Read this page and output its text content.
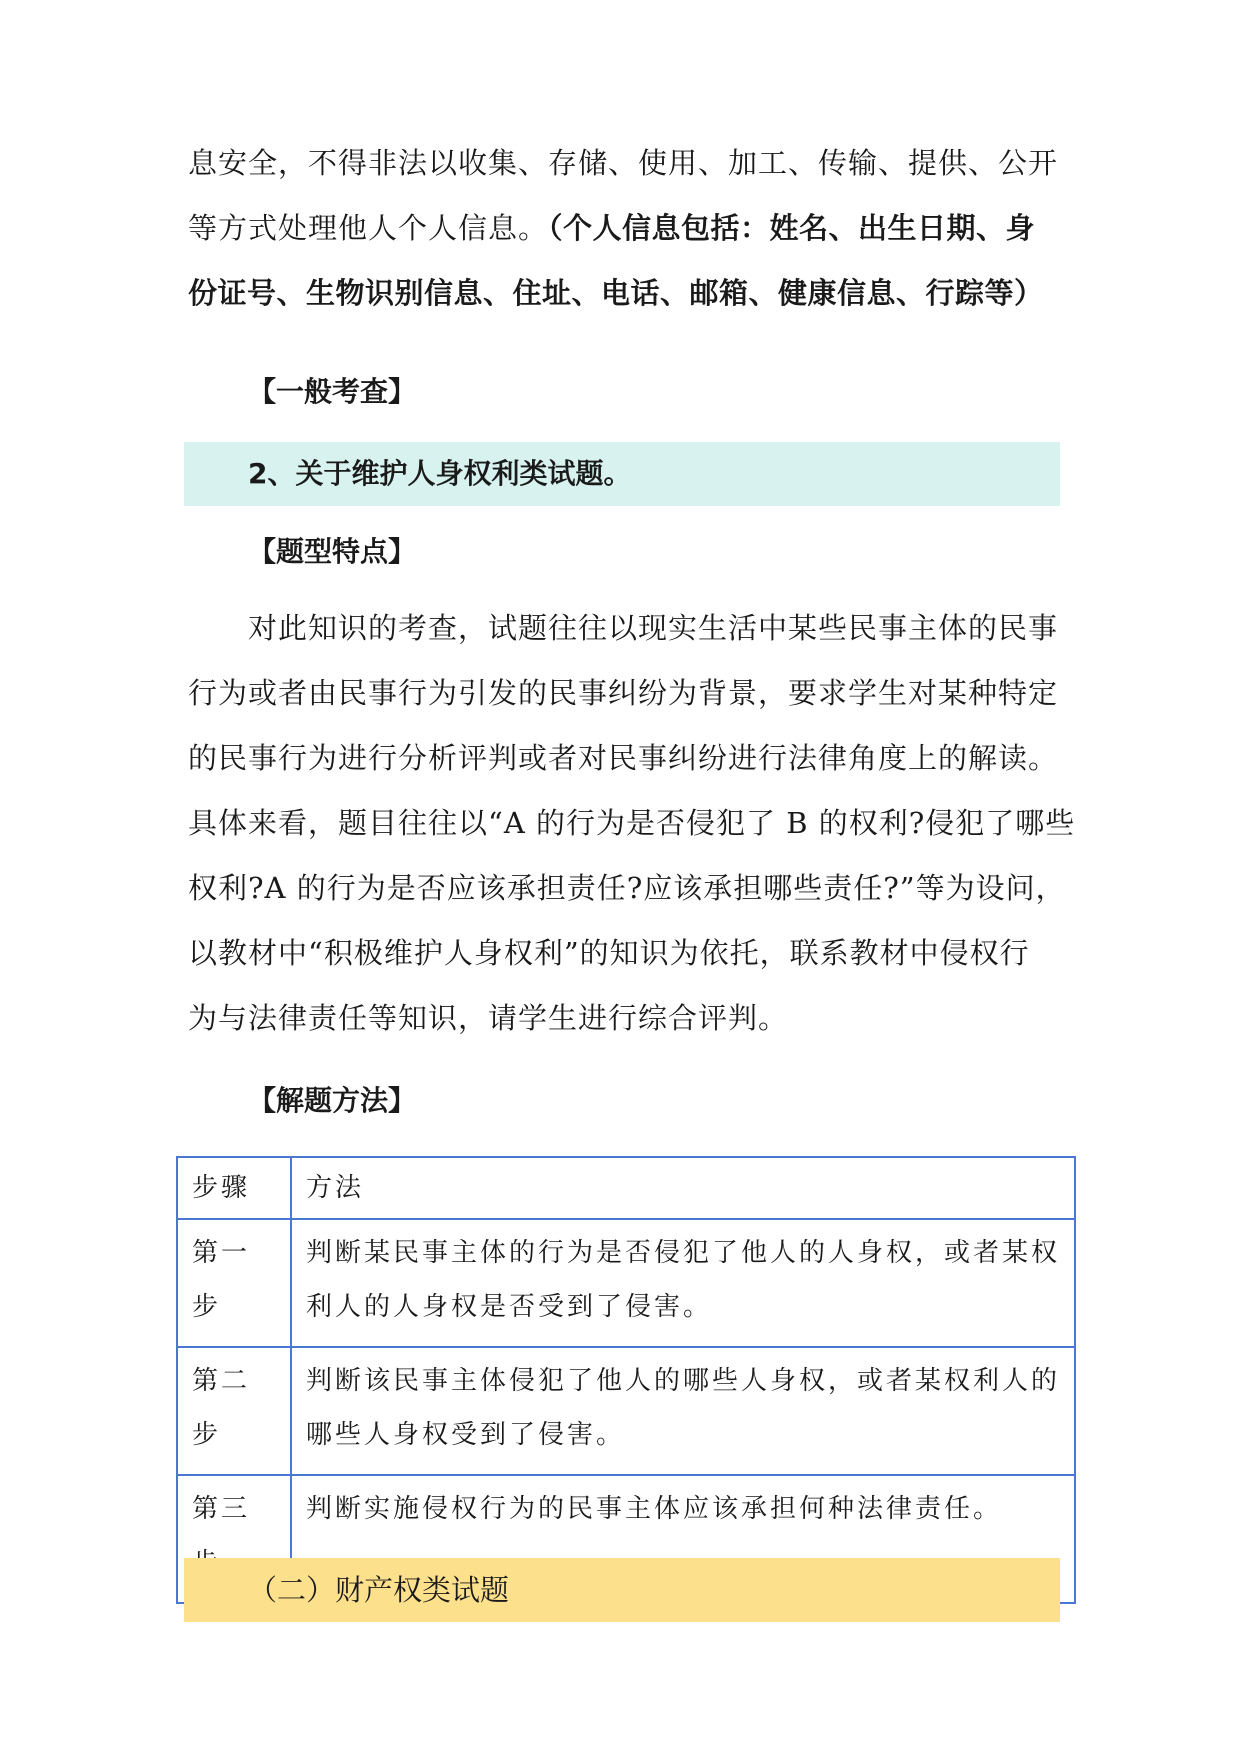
息安全，不得非法以收集、存储、使用、加工、传输、提供、公开
等方式处理他人个人信息。（个人信息包括：姓名、出生日期、身
份证号、生物识别信息、住址、电话、邮箱、健康信息、行踪等）
【一般考查】
2、关于维护人身权利类试题。
【题型特点】
　　对此知识的考查，试题往往以现实生活中某些民事主体的民事
行为或者由民事行为引发的民事纠纷为背景，要求学生对某种特定
的民事行为进行分析评判或者对民事纠纷进行法律角度上的解读。
具体来看，题目往往以“A 的行为是否侵犯了 B 的权利?侵犯了哪些
权利?A 的行为是否应该承担责任?应该承担哪些责任?”等为设问，
以教材中“积极维护人身权利”的知识为依托，联系教材中侵权行
为与法律责任等知识，请学生进行综合评判。
【解题方法】
步骤	方法
第一步	判断某民事主体的行为是否侵犯了他人的人身权，或者某权利人的人身权是否受到了侵害。
第二步	判断该民事主体侵犯了他人的哪些人身权，或者某权利人的哪些人身权受到了侵害。
第三	判断实施侵权行为的民事主体应该承担何种法律责任。
（二）财产权类试题
